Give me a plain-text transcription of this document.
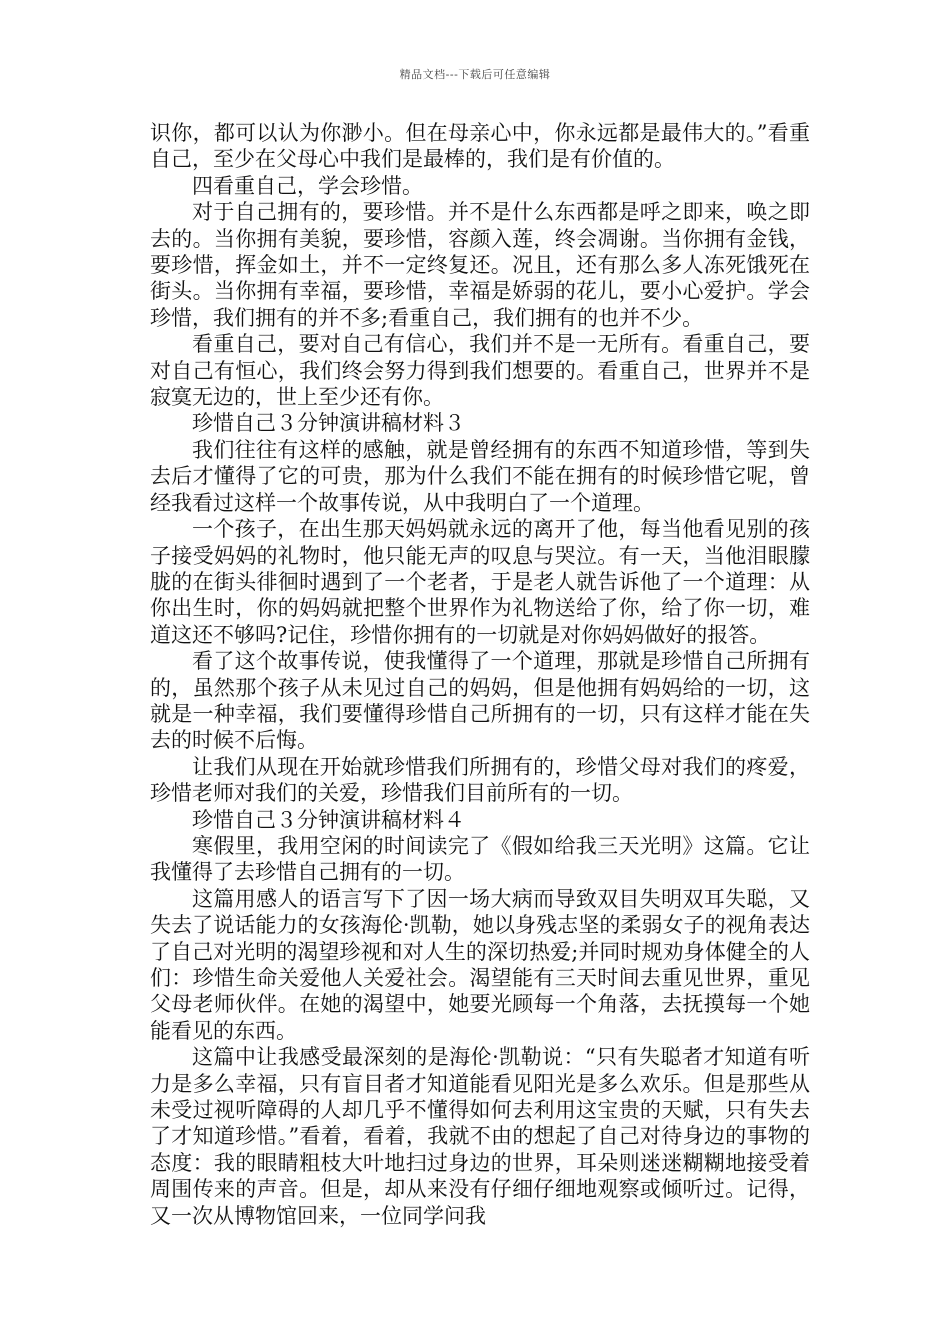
精品文档---下载后可任意编辑

识你，都可以认为你渺小。但在母亲心中，你永远都是最伟大的。”看重自己，至少在父母心中我们是最棒的，我们是有价值的。

四看重自己，学会珍惜。

对于自己拥有的，要珍惜。并不是什么东西都是呼之即来，唤之即去的。当你拥有美貌，要珍惜，容颜入莲，终会凋谢。当你拥有金钱，要珍惜，挥金如土，并不一定终复还。况且，还有那么多人冻死饿死在街头。当你拥有幸福，要珍惜，幸福是娇弱的花儿，要小心爱护。学会珍惜，我们拥有的并不多;看重自己，我们拥有的也并不少。

看重自己，要对自己有信心，我们并不是一无所有。看重自己，要对自己有恒心，我们终会努力得到我们想要的。看重自己，世界并不是寂寞无边的，世上至少还有你。

珍惜自己３分钟演讲稿材料３

我们往往有这样的感触，就是曾经拥有的东西不知道珍惜，等到失去后才懂得了它的可贵，那为什么我们不能在拥有的时候珍惜它呢，曾经我看过这样一个故事传说，从中我明白了一个道理。

一个孩子，在出生那天妈妈就永远的离开了他，每当他看见别的孩子接受妈妈的礼物时，他只能无声的叹息与哭泣。有一天，当他泪眼朦胧的在街头徘徊时遇到了一个老者，于是老人就告诉他了一个道理：从你出生时，你的妈妈就把整个世界作为礼物送给了你，给了你一切，难道这还不够吗?记住，珍惜你拥有的一切就是对你妈妈做好的报答。

看了这个故事传说，使我懂得了一个道理，那就是珍惜自己所拥有的，虽然那个孩子从未见过自己的妈妈，但是他拥有妈妈给的一切，这就是一种幸福，我们要懂得珍惜自己所拥有的一切，只有这样才能在失去的时候不后悔。

让我们从现在开始就珍惜我们所拥有的，珍惜父母对我们的疼爱，珍惜老师对我们的关爱，珍惜我们目前所有的一切。

珍惜自己３分钟演讲稿材料４

寒假里，我用空闲的时间读完了《假如给我三天光明》这篇。它让我懂得了去珍惜自己拥有的一切。

这篇用感人的语言写下了因一场大病而导致双目失明双耳失聪，又失去了说话能力的女孩海伦·凯勒，她以身残志坚的柔弱女子的视角表达了自己对光明的渴望珍视和对人生的深切热爱;并同时规劝身体健全的人们：珍惜生命关爱他人关爱社会。渴望能有三天时间去重见世界，重见父母老师伙伴。在她的渴望中，她要光顾每一个角落，去抚摸每一个她能看见的东西。

这篇中让我感受最深刻的是海伦·凯勒说：“只有失聪者才知道有听力是多么幸福，只有盲目者才知道能看见阳光是多么欢乐。但是那些从未受过视听障碍的人却几乎不懂得如何去利用这宝贵的天赋，只有失去了才知道珍惜。”看着，看着，我就不由的想起了自己对待身边的事物的态度：我的眼睛粗枝大叶地扫过身边的世界，耳朵则迷迷糊糊地接受着周围传来的声音。但是，却从来没有仔细仔细地观察或倾听过。记得，又一次从博物馆回来，一位同学问我
